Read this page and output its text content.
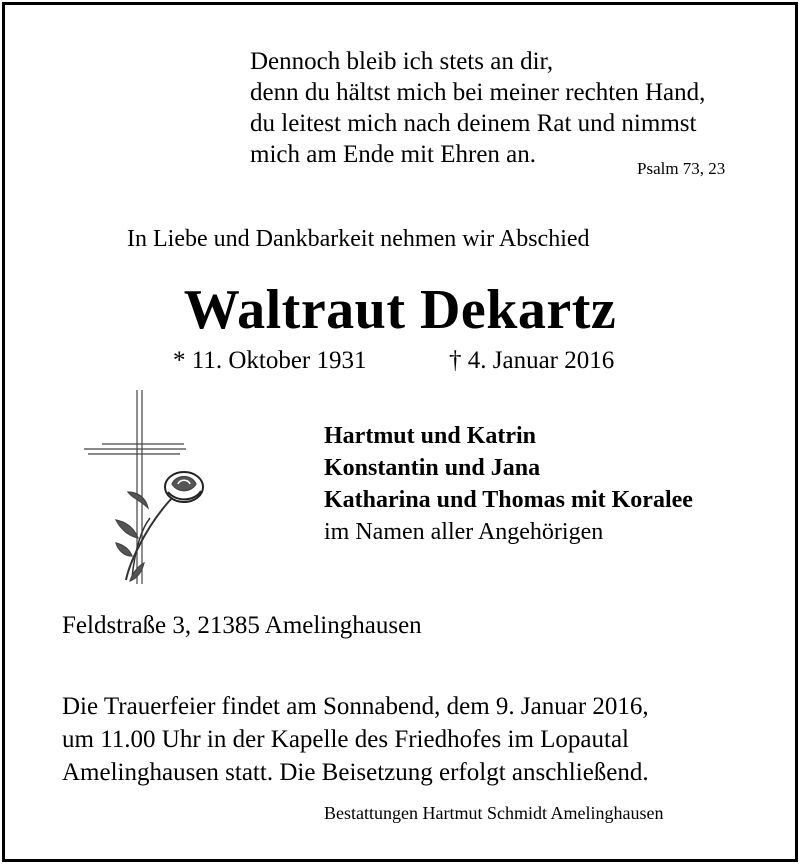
Dennoch bleib ich stets an dir,
denn du hältst mich bei meiner rechten Hand,
du leitest mich nach deinem Rat und nimmst
mich am Ende mit Ehren an.
Psalm 73, 23
In Liebe und Dankbarkeit nehmen wir Abschied
Waltraut Dekartz
* 11. Oktober 1931	† 4. Januar 2016
Hartmut und Katrin
Konstantin und Jana
Katharina und Thomas mit Koralee
im Namen aller Angehörigen
Feldstraße 3, 21385 Amelinghausen
Die Trauerfeier findet am Sonnabend, dem 9. Januar 2016,
um 11.00 Uhr in der Kapelle des Friedhofes im Lopautal
Amelinghausen statt. Die Beisetzung erfolgt anschließend.
Bestattungen Hartmut Schmidt Amelinghausen
